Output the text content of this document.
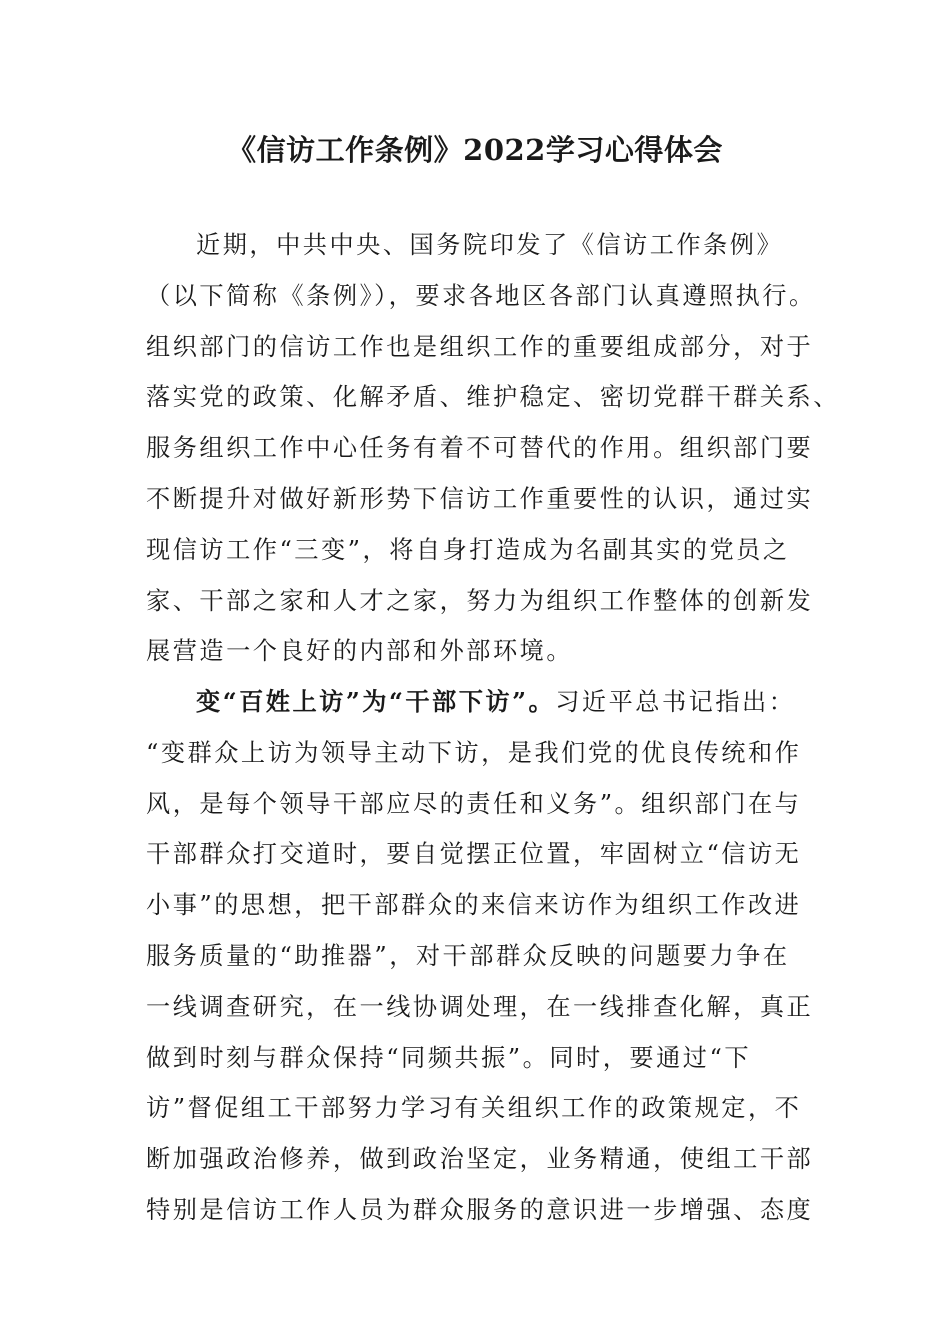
《信访工作条例》2022学习心得体会
近期，中共中央、国务院印发了《信访工作条例》
（以下简称《条例》），要求各地区各部门认真遵照执行。
组织部门的信访工作也是组织工作的重要组成部分，对于
落实党的政策、化解矛盾、维护稳定、密切党群干群关系、
服务组织工作中心任务有着不可替代的作用。组织部门要
不断提升对做好新形势下信访工作重要性的认识，通过实
现信访工作“三变”，将自身打造成为名副其实的党员之
家、干部之家和人才之家，努力为组织工作整体的创新发
展营造一个良好的内部和外部环境。
变“百姓上访”为“干部下访”。习近平总书记指出：
“变群众上访为领导主动下访，是我们党的优良传统和作
风，是每个领导干部应尽的责任和义务”。组织部门在与
干部群众打交道时，要自觉摆正位置，牢固树立“信访无
小事”的思想，把干部群众的来信来访作为组织工作改进
服务质量的“助推器”，对干部群众反映的问题要力争在
一线调查研究，在一线协调处理，在一线排查化解，真正
做到时刻与群众保持“同频共振”。同时，要通过“下
访”督促组工干部努力学习有关组织工作的政策规定，不
断加强政治修养，做到政治坚定，业务精通，使组工干部
特别是信访工作人员为群众服务的意识进一步增强、态度
